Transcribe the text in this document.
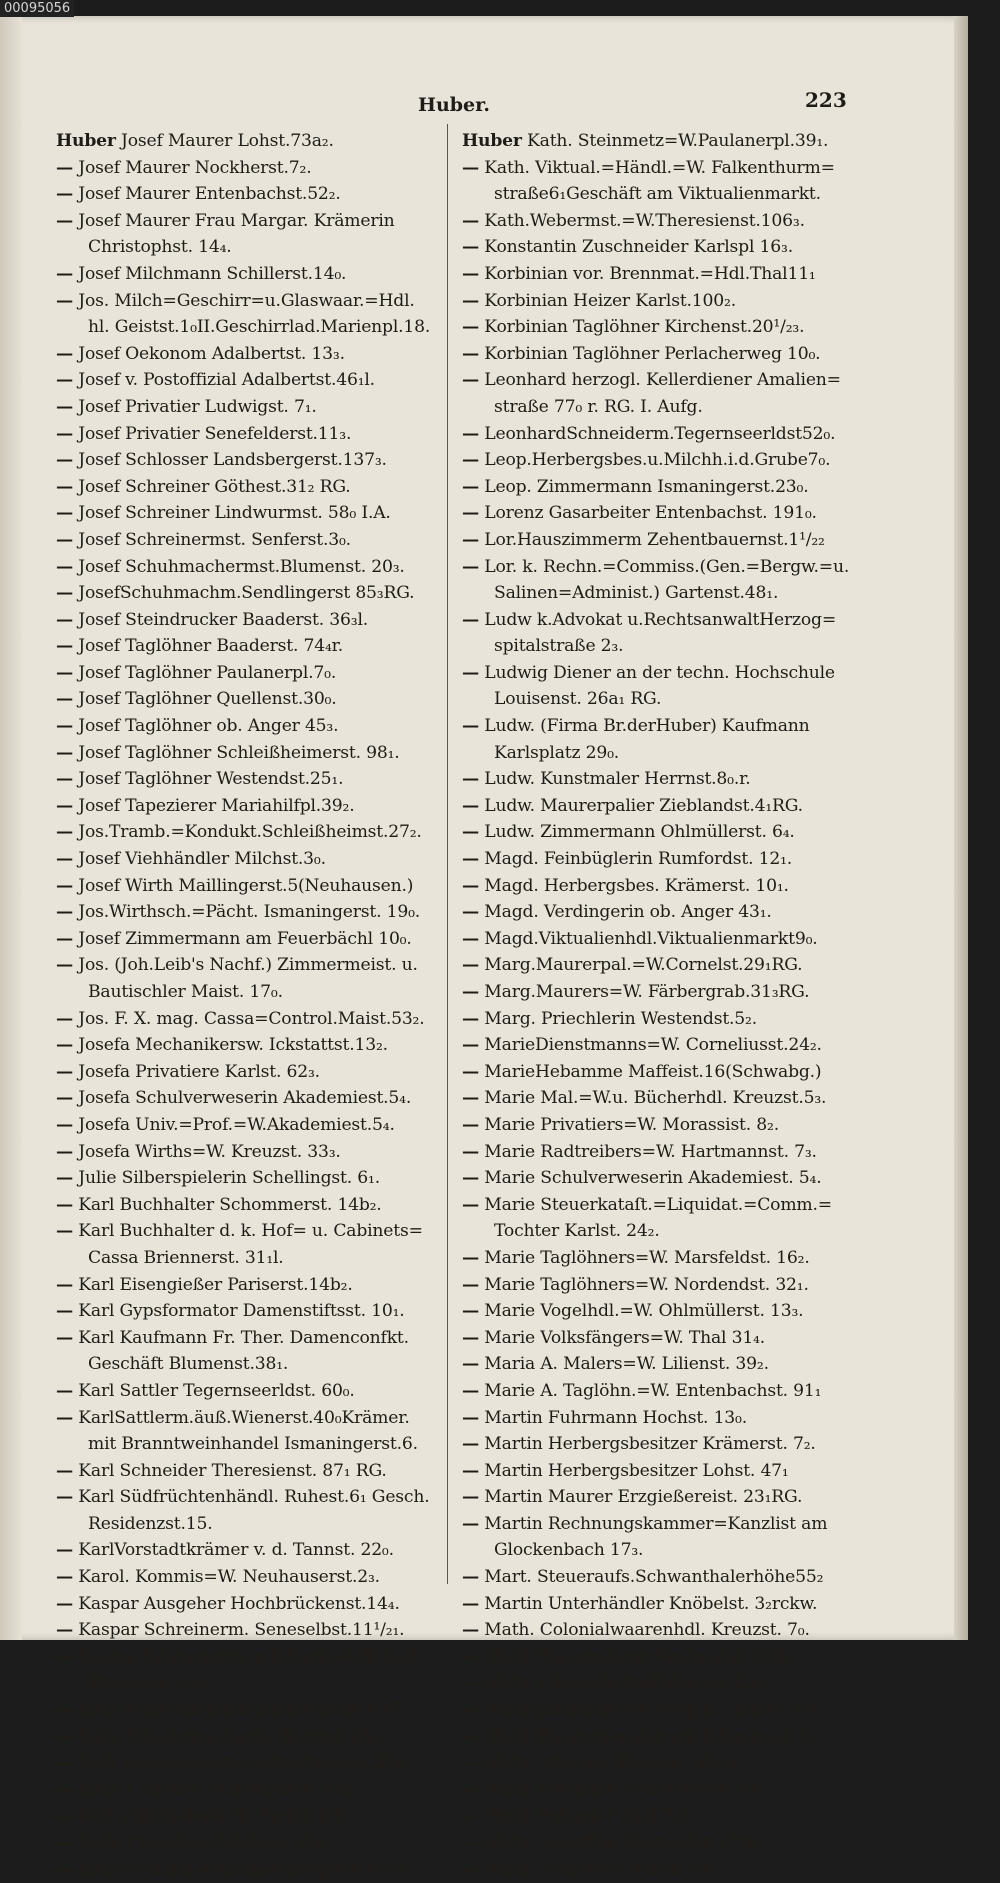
Huber.	223
Huber Josef Maurer Lohst.73a₂.
— Josef Maurer Nockherst.7₂.
— Josef Maurer Entenbachst.52₂.
— Josef Maurer Frau Margar. Krämerin
Christophst. 14₄.
— Josef Milchmann Schillerst.14₀.
— Jos. Milch=Geschirr=u.Glaswaar.=Hdl.
hl. Geistst.1₀II.Geschirrlad.Marienpl.18.
— Josef Oekonom Adalbertst. 13₃.
— Josef v. Postoffizial Adalbertst.46₁l.
— Josef Privatier Ludwigst. 7₁.
— Josef Privatier Senefelderst.11₃.
— Josef Schlosser Landsbergerst.137₃.
— Josef Schreiner Göthest.31₂ RG.
— Josef Schreiner Lindwurmst. 58₀ I.A.
— Josef Schreinermst. Senferst.3₀.
— Josef Schuhmachermst.Blumenst. 20₃.
— JosefSchuhmachm.Sendlingerst 85₃RG.
— Josef Steindrucker Baaderst. 36₃l.
— Josef Taglöhner Baaderst. 74₄r.
— Josef Taglöhner Paulanerpl.7₀.
— Josef Taglöhner Quellenst.30₀.
— Josef Taglöhner ob. Anger 45₃.
— Josef Taglöhner Schleißheimerst. 98₁.
— Josef Taglöhner Westendst.25₁.
— Josef Tapezierer Mariahilfpl.39₂.
— Jos.Tramb.=Kondukt.Schleißheimst.27₂.
— Josef Viehhändler Milchst.3₀.
— Josef Wirth Maillingerst.5(Neuhausen.)
— Jos.Wirthsch.=Pächt. Ismaningerst. 19₀.
— Josef Zimmermann am Feuerbächl 10₀.
— Jos. (Joh.Leib's Nachf.) Zimmermeist. u.
Bautischler Maist. 17₀.
— Jos. F. X. mag. Cassa=Control.Maist.53₂.
— Josefa Mechanikersw. Ickstattst.13₂.
— Josefa Privatiere Karlst. 62₃.
— Josefa Schulverweserin Akademiest.5₄.
— Josefa Univ.=Prof.=W.Akademiest.5₄.
— Josefa Wirths=W. Kreuzst. 33₃.
— Julie Silberspielerin Schellingst. 6₁.
— Karl Buchhalter Schommerst. 14b₂.
— Karl Buchhalter d. k. Hof= u. Cabinets=
Cassa Briennerst. 31₁l.
— Karl Eisengießer Pariserst.14b₂.
— Karl Gypsformator Damenstiftsst. 10₁.
— Karl Kaufmann Fr. Ther. Damenconfkt.
Geschäft Blumenst.38₁.
— Karl Sattler Tegernseerldst. 60₀.
— KarlSattlerm.äuß.Wienerst.40₀Krämer.
mit Branntweinhandel Ismaningerst.6.
— Karl Schneider Theresienst. 87₁ RG.
— Karl Südfrüchtenhändl. Ruhest.6₁ Gesch.
Residenzst.15.
— KarlVorstadtkrämer v. d. Tannst. 22₀.
— Karol. Kommis=W. Neuhauserst.2₃.
— Kaspar Ausgeher Hochbrückenst.14₄.
— Kaspar Schreinerm. Seneselbst.11¹/₂₁.
— Kaspar Schreinerm. u.Schankwirth äuß.
Birkenau 1¹/₄₀.
— Kath.Hadernsammel.Lindwurmst.135₀.
— Kath. Kleidermacherin Herrnst.23₃r.
— Kath.KrankenwärterinKaufingerst.25₄.
— Kath. Lehrerin Schommerst.14b₂.
— Kath.Milchhändlerin Parkst.29₀.
— Kath. Privatiere Müllerst.35₀.
— Kath.Schuhm.=W.Gabelsbergerst.6₁RG
Huber Kath. Steinmetz=W.Paulanerpl.39₁.
— Kath. Viktual.=Händl.=W. Falkenthurm=
straße6₁Geschäft am Viktualienmarkt.
— Kath.Webermst.=W.Theresienst.106₃.
— Konstantin Zuschneider Karlspl 16₃.
— Korbinian vor. Brennmat.=Hdl.Thal11₁
— Korbinian Heizer Karlst.100₂.
— Korbinian Taglöhner Kirchenst.20¹/₂₃.
— Korbinian Taglöhner Perlacherweg 10₀.
— Leonhard herzogl. Kellerdiener Amalien=
straße 77₀ r. RG. I. Aufg.
— LeonhardSchneiderm.Tegernseerldst52₀.
— Leop.Herbergsbes.u.Milchh.i.d.Grube7₀.
— Leop. Zimmermann Ismaningerst.23₀.
— Lorenz Gasarbeiter Entenbachst. 191₀.
— Lor.Hauszimmerm Zehentbauernst.1¹/₂₂
— Lor. k. Rechn.=Commiss.(Gen.=Bergw.=u.
Salinen=Administ.) Gartenst.48₁.
— Ludw k.Advokat u.RechtsanwaltHerzog=
spitalstraße 2₃.
— Ludwig Diener an der techn. Hochschule
Louisenst. 26a₁ RG.
— Ludw. (Firma Br.derHuber) Kaufmann
Karlsplatz 29₀.
— Ludw. Kunstmaler Herrnst.8₀.r.
— Ludw. Maurerpalier Zieblandst.4₁RG.
— Ludw. Zimmermann Ohlmüllerst. 6₄.
— Magd. Feinbüglerin Rumfordst. 12₁.
— Magd. Herbergsbes. Krämerst. 10₁.
— Magd. Verdingerin ob. Anger 43₁.
— Magd.Viktualienhdl.Viktualienmarkt9₀.
— Marg.Maurerpal.=W.Cornelst.29₁RG.
— Marg.Maurers=W. Färbergrab.31₃RG.
— Marg. Priechlerin Westendst.5₂.
— MarieDienstmanns=W. Corneliusst.24₂.
— MarieHebamme Maffeist.16(Schwabg.)
— Marie Mal.=W.u. Bücherhdl. Kreuzst.5₃.
— Marie Privatiers=W. Morassist. 8₂.
— Marie Radtreibers=W. Hartmannst. 7₃.
— Marie Schulverweserin Akademiest. 5₄.
— Marie Steuerkataſt.=Liquidat.=Comm.=
Tochter Karlst. 24₂.
— Marie Taglöhners=W. Marsfeldst. 16₂.
— Marie Taglöhners=W. Nordendst. 32₁.
— Marie Vogelhdl.=W. Ohlmüllerst. 13₃.
— Marie Volksfängers=W. Thal 31₄.
— Maria A. Malers=W. Lilienst. 39₂.
— Marie A. Taglöhn.=W. Entenbachst. 91₁
— Martin Fuhrmann Hochst. 13₀.
— Martin Herbergsbesitzer Krämerst. 7₂.
— Martin Herbergsbesitzer Lohst. 47₁
— Martin Maurer Erzgießereist. 23₁RG.
— Martin Rechnungskammer=Kanzlist am
Glockenbach 17₃.
— Mart. Steueraufs.Schwanthalerhöhe55₂
— Martin Unterhändler Knöbelst. 3₂rckw.
— Math. Colonialwaarenhdl. Kreuzst. 7₀.
— Math. Hausmeister Westendst. 113₀.
— Math. LändarbeiterFalkenst. 25₃.
— Math Lohnkutscher Berg a. Laimst.2¹/₅₁.
— Math.Maurermeister unt.Johannisst.3₀.
— Math. Musiker Herrnst. 23₃ r.
— Math. Privatier Schommerst. 19₂.
— Math. Privatier Thal 72₁.
— Math. Schäffler Westendst. 270₁.
— Math. Schlosser Holzst.10₁.
00095056
